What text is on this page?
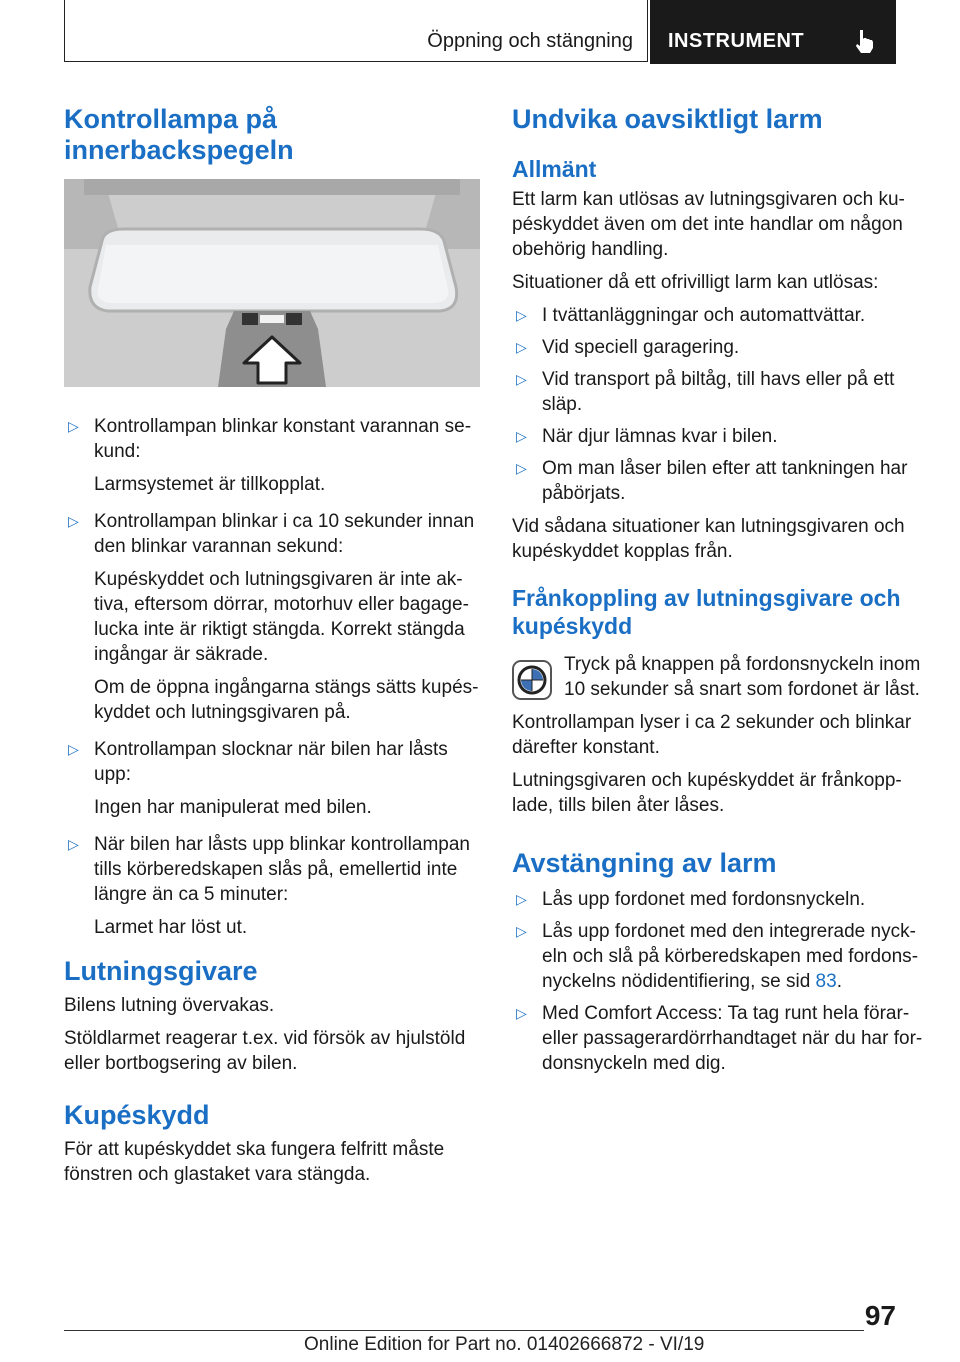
Öppning och stängning INSTRUMENT
Kontrollampa på innerbackspegeln
▷ Kontrollampan blinkar konstant varannan sekund:
Larmsystemet är tillkopplat.
▷ Kontrollampan blinkar i ca 10 sekunder innan den blinkar varannan sekund:
Kupéskyddet och lutningsgivaren är inte aktiva, eftersom dörrar, motorhuv eller bagagelucka inte är riktigt stängda. Korrekt stängda ingångar är säkrade.
Om de öppna ingångarna stängs sätts kupéskyddet och lutningsgivaren på.
▷ Kontrollampan slocknar när bilen har låsts upp:
Ingen har manipulerat med bilen.
▷ När bilen har låsts upp blinkar kontrollampan tills körberedskapen slås på, emellertid inte längre än ca 5 minuter:
Larmet har löst ut.
Lutningsgivare

Bilens lutning övervakas.

Stöldlarmet reagerar t.ex. vid försök av hjulstöld eller bortbogsering av bilen.

Kupéskydd

För att kupéskyddet ska fungera felfritt måste fönstren och glastaket vara stängda.

Undvika oavsiktligt larm
Allmänt

Ett larm kan utlösas av lutningsgivaren och kupéskyddet även om det inte handlar om någon obehörig handling.

Situationer då ett ofrivilligt larm kan utlösas:

▷ I tvättanläggningar och automattvättar.
▷ Vid speciell garagering.
▷ Vid transport på biltåg, till havs eller på ett släp.
▷ När djur lämnas kvar i bilen.
▷ Om man låser bilen efter att tankningen har påbörjats.

Vid sådana situationer kan lutningsgivaren och kupéskyddet kopplas från.

Frånkoppling av lutningsgivare och kupéskydd

Tryck på knappen på fordonsnyckeln inom 10 sekunder så snart som fordonet är låst.

Kontrollampan lyser i ca 2 sekunder och blinkar därefter konstant.

Lutningsgivaren och kupéskyddet är frånkopplade, tills bilen åter låses.

Avstängning av larm
▷ Lås upp fordonet med fordonsnyckeln.
▷ Lås upp fordonet med den integrerade nyckeln och slå på körberedskapen med fordonsnyckelns nödidentifiering, se sid 83.
▷ Med Comfort Access: Ta tag runt hela förar- eller passagerardörrhandtaget när du har fordonsnyckeln med dig.
97
Online Edition for Part no. 01402666872 - VI/19
